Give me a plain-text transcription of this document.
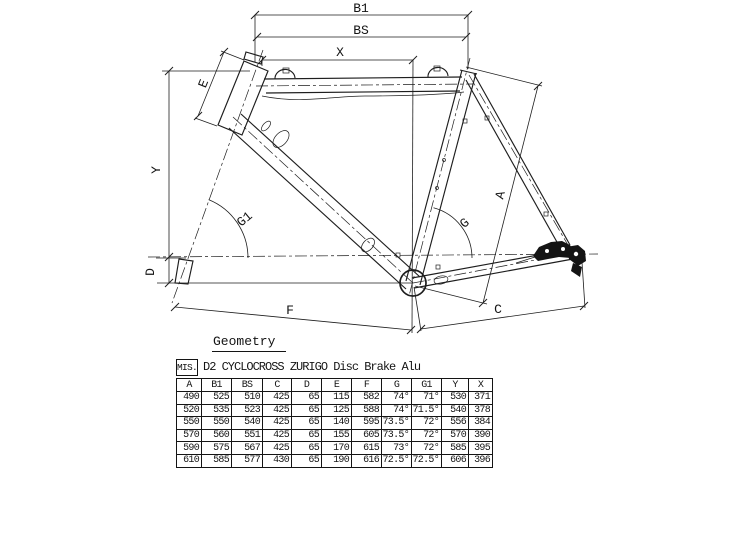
B1
BS
X
Y
D
E
A
F	C
G
G1
Geometry
MIS. D2 CYCLOCROSS ZURIGO Disc Brake Alu
A	B1	BS	C	D	E	F	G	G1	Y	X
490	525	510	425	65	115	582	74°	71°	530	371
520	535	523	425	65	125	588	74°	71.5°	540	378
550	550	540	425	65	140	595	73.5°	72°	556	384
570	560	551	425	65	155	605	73.5°	72°	570	390
590	575	567	425	65	170	615	73°	72°	585	395
610	585	577	430	65	190	616	72.5°	72.5°	606	396
